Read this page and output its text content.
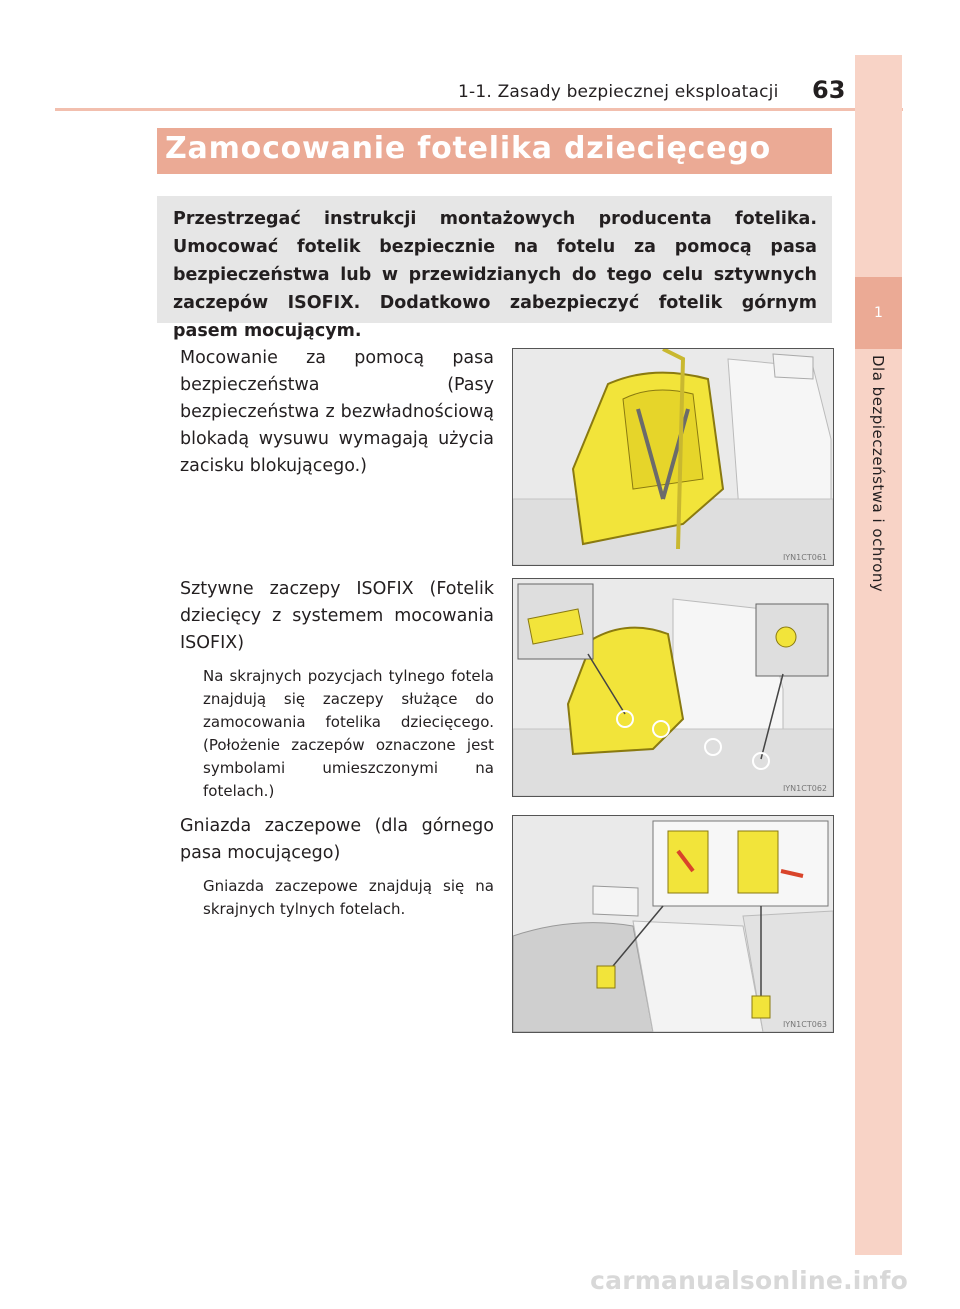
1-1. Zasady bezpiecznej eksploatacji 63
1
Dla bezpieczeństwa i ochrony
Zamocowanie fotelika dziecięcego

Przestrzegać instrukcji montażowych producenta fotelika. Umocować fotelik bezpiecznie na fotelu za pomocą pasa bezpieczeństwa lub w przewidzianych do tego celu sztywnych zaczepów ISOFIX. Dodatkowo zabezpieczyć fotelik górnym pasem mocującym.

Mocowanie za pomocą pasa bezpieczeństwa (Pasy bezpieczeństwa z bezwładnościową blokadą wysuwu wymagają użycia zacisku blokującego.)
IYN1CT061
Sztywne zaczepy ISOFIX (Fotelik dziecięcy z systemem mocowania ISOFIX)
Na skrajnych pozycjach tylnego fotela znajdują się zaczepy służące do zamocowania fotelika dziecięcego. (Położenie zaczepów oznaczone jest symbolami umieszczonymi na fotelach.)	IYN1CT062
Gniazda zaczepowe (dla górnego pasa mocującego)
Gniazda zaczepowe znajdują się na skrajnych tylnych fotelach.
IYN1CT063
carmanualsonline.info
